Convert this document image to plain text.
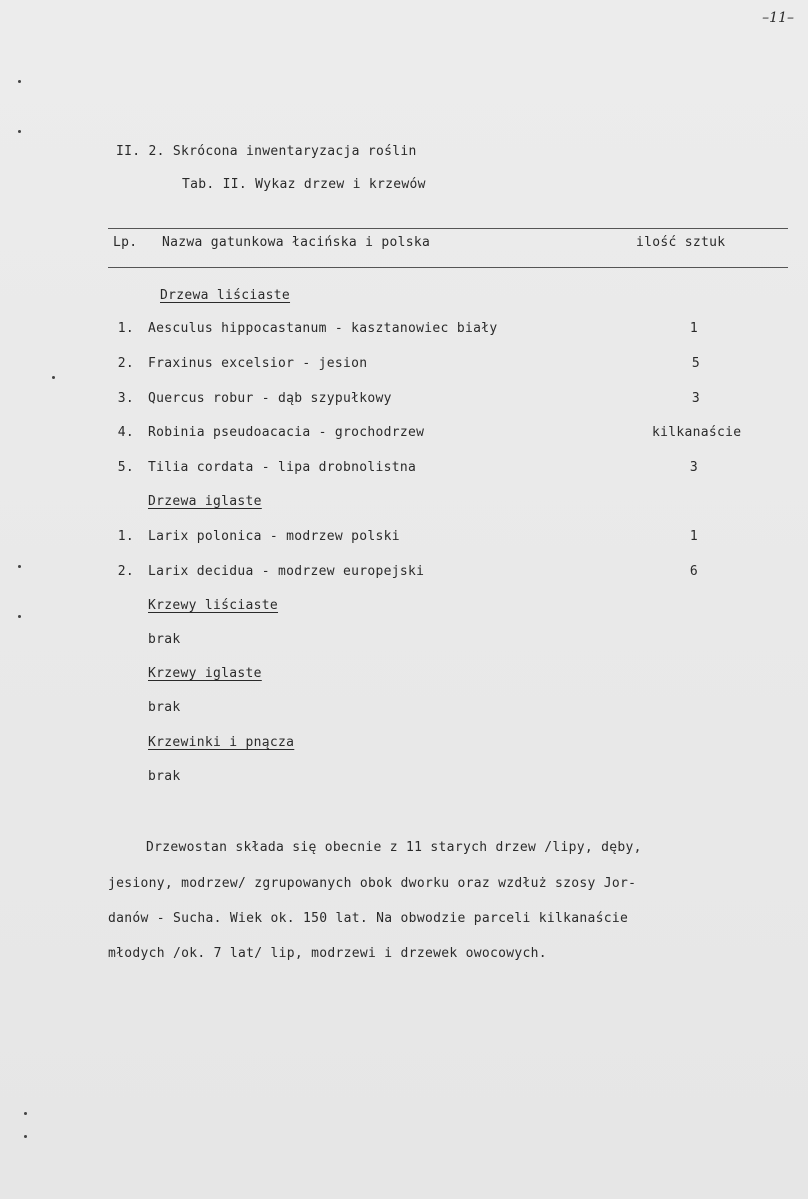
–11–
II. 2. Skrócona inwentaryzacja roślin
Tab. II. Wykaz drzew i krzewów
Lp. Nazwa gatunkowa łacińska i polska	ilość sztuk
Drzewa liściaste
1. Aesculus hippocastanum - kasztanowiec biały	1
2. Fraxinus excelsior - jesion	5
3. Quercus robur - dąb szypułkowy	3
4. Robinia pseudoacacia - grochodrzew	kilkanaście
5. Tilia cordata - lipa drobnolistna	3
Drzewa iglaste
1. Larix polonica - modrzew polski	1
2. Larix decidua - modrzew europejski	6
Krzewy liściaste
brak
Krzewy iglaste
brak
Krzewinki i pnącza
brak
Drzewostan składa się obecnie z 11 starych drzew /lipy, dęby,
jesiony, modrzew/ zgrupowanych obok dworku oraz wzdłuż szosy Jor-
danów - Sucha. Wiek ok. 150 lat. Na obwodzie parceli kilkanaście
młodych /ok. 7 lat/ lip, modrzewi i drzewek owocowych.
